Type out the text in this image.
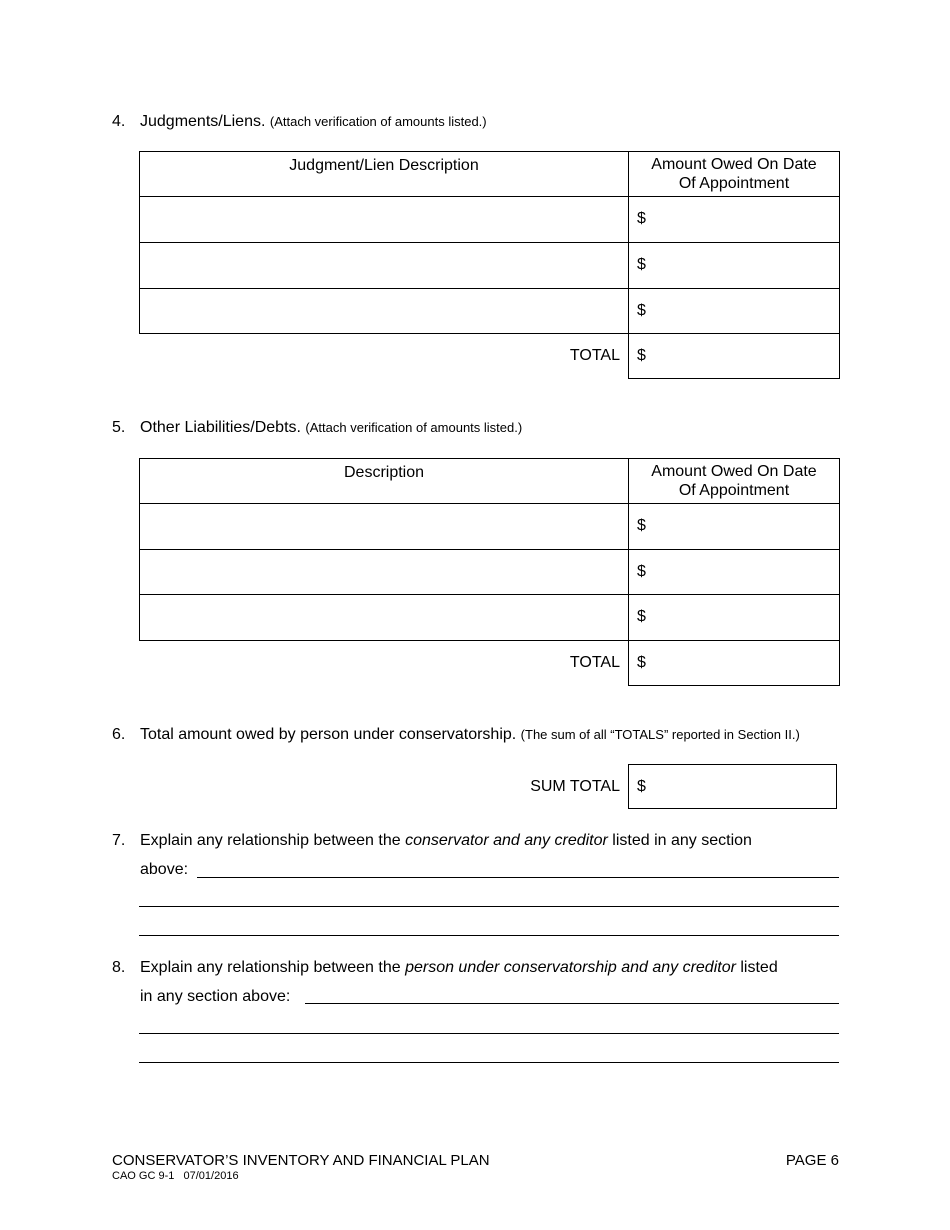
4. Judgments/Liens. (Attach verification of amounts listed.)
Judgment/Lien Description	Amount Owed On Date
Of Appointment

	$
	$
	$
TOTAL	$
5. Other Liabilities/Debts. (Attach verification of amounts listed.)
Description	Amount Owed On Date
Of Appointment

	$
	$
	$
TOTAL	$
6. Total amount owed by person under conservatorship. (The sum of all “TOTALS” reported in Section II.)
SUM TOTAL	$
7. Explain any relationship between the conservator and any creditor listed in any section
above:
8. Explain any relationship between the person under conservatorship and any creditor listed
in any section above:
CONSERVATOR’S INVENTORY AND FINANCIAL PLAN
CAO GC 9-1   07/01/2016
PAGE 6
